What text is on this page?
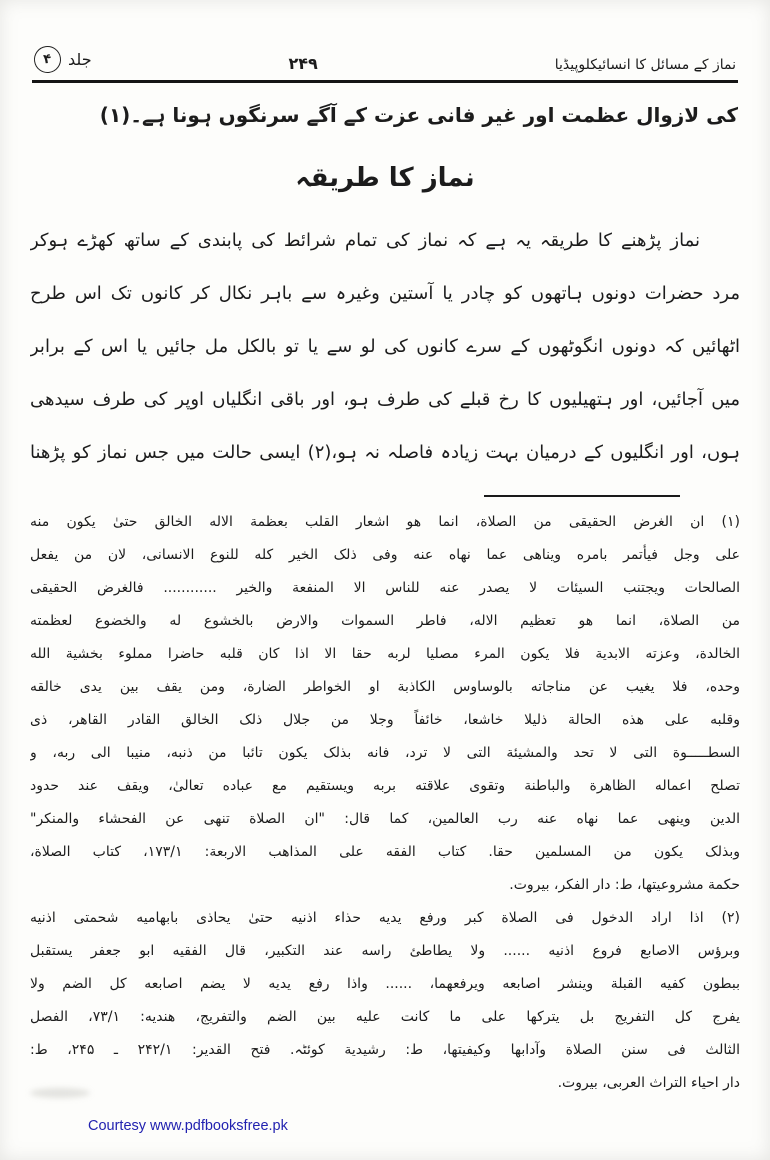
نماز کے مسائل کا انسائیکلوپیڈیا
۲۴۹
جلد
۴
کی لازوال عظمت اور غیر فانی عزت کے آگے سرنگوں ہونا ہے۔(۱)
نماز کا طریقہ
نماز پڑھنے کا طریقہ یہ ہے کہ نماز کی تمام شرائط کی پابندی کے ساتھ کھڑے ہوکر
مرد حضرات دونوں ہاتھوں کو چادر یا آستین وغیرہ سے باہر نکال کر کانوں تک اس طرح
اٹھائیں کہ دونوں انگوٹھوں کے سرے کانوں کی لو سے یا تو بالکل مل جائیں یا اس کے برابر
میں آجائیں، اور ہتھیلیوں کا رخ قبلے کی طرف ہو، اور باقی انگلیاں اوپر کی طرف سیدھی
ہوں، اور انگلیوں کے درمیان بہت زیادہ فاصلہ نہ ہو،(۲) ایسی حالت میں جس نماز کو پڑھنا
(۱) ان الغرض الحقیقی من الصلاة، انما هو اشعار القلب بعظمة الاله الخالق حتیٰ یكون منه
علی وجل فیأتمر بامره ویناهی عما نهاه عنه وفی ذلک الخیر كله للنوع الانسانی، لان من یفعل
الصالحات ویجتنب السیئات لا یصدر عنه للناس الا المنفعة والخیر ............ فالغرض الحقیقی
من الصلاة، انما هو تعظیم الاله، فاطر السموات والارض بالخشوع له والخضوع لعظمته
الخالدة، وعزته الابدیة فلا یكون المرء مصلیا لربه حقا الا اذا كان قلبه حاضرا مملوء بخشیة الله
وحده، فلا یغیب عن مناجاته بالوساوس الكاذبة او الخواطر الضارة، ومن یقف بین یدی خالقه
وقلبه علی هذه الحالة ذلیلا خاشعا، خائفاً وجلا من جلال ذلک الخالق القادر القاهر، ذی
السطـــــوة التی لا تحد والمشیئة التی لا ترد، فانه بذلک یكون تائبا من ذنبه، منیبا الی ربه، و
تصلح اعماله الظاهرة والباطنة وتقوی علاقته بربه ویستقیم مع عباده تعالیٰ، ویقف عند حدود
الدین وینهی عما نهاه عنه رب العالمین، كما قال: "ان الصلاة تنهی عن الفحشاء والمنكر"
وبذلک یكون من المسلمین حقا. كتاب الفقه علی المذاهب الاربعة: ۱۷۳/۱، كتاب الصلاة،
حكمة مشروعیتها، ط: دار الفكر، بیروت.
(۲) اذا اراد الدخول فی الصلاة كبر ورفع یدیه حذاء اذنیه حتیٰ یحاذی بابهامیه شحمتی اذنیه
وبرؤس الاصابع فروع اذنیه ...... ولا یطاطئ راسه عند التكبیر، قال الفقیه ابو جعفر یستقبل
ببطون كفیه القبلة وینشر اصابعه ویرفعهما، ...... واذا رفع یدیه لا یضم اصابعه كل الضم ولا
یفرج كل التفریج بل یتركها علی ما كانت علیه بین الضم والتفریج، هندیه: ۷۳/۱، الفصل
الثالث فی سنن الصلاة وآدابها وكیفیتها، ط: رشیدیة كوئٹہ. فتح القدیر: ۲۴۲/۱ ـ ۲۴۵، ط:
دار احیاء التراث العربی، بیروت.
Courtesy www.pdfbooksfree.pk
